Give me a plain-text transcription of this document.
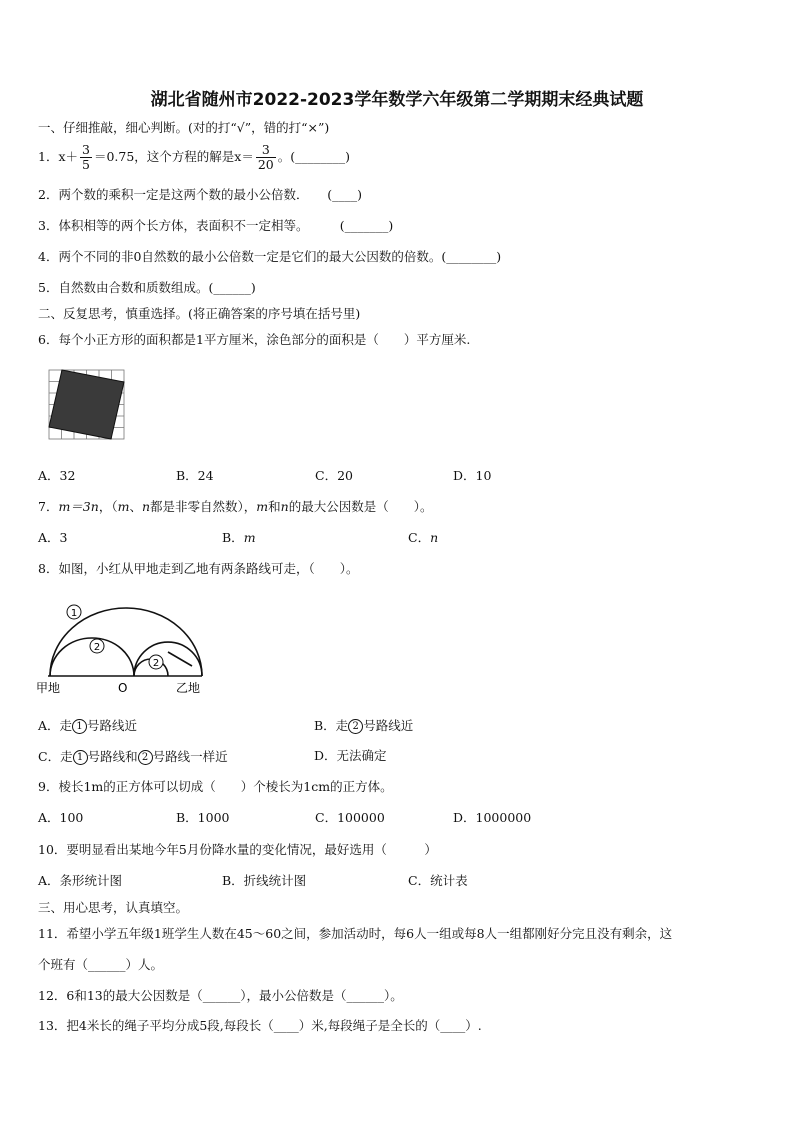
湖北省随州市2022-2023学年数学六年级第二学期期末经典试题
一、仔细推敲，细心判断。(对的打“√”，错的打“×”)
1．$x+ \frac{3}{5} =0.75$，这个方程的解是$x= \frac{3}{20}$ 。(________)
2．两个数的乘积一定是这两个数的最小公倍数．　　(____)
3．体积相等的两个长方体，表面积不一定相等。　　　(_______)
4．两个不同的非0自然数的最小公倍数一定是它们的最大公因数的倍数。(________)
5．自然数由合数和质数组成。(______)
二、反复思考，慎重选择。(将正确答案的序号填在括号里)
6．每个小正方形的面积都是1平方厘米，涂色部分的面积是（　　）平方厘米.
A．32	B．24	C．20	D．10
7．m＝3n，（m、n都是非零自然数），m和n的最大公因数是（　　）。
A．3	B．m	C．n
8．如图，小红从甲地走到乙地有两条路线可走，（　　）。
1
2
2
甲地	O	乙地
A．走 1 号路线近	B．走 2 号路线近
C．走 1 号路线和 2 号路线一样近	D．无法确定
9．棱长1m的正方体可以切成（　　）个棱长为1cm的正方体。
A．100	B．1000	C．100000	D．1000000
10．要明显看出某地今年5月份降水量的变化情况，最好选用（　　　）
A．条形统计图	B．折线统计图	C．统计表
三、用心思考，认真填空。
11．希望小学五年级1班学生人数在45～60之间，参加活动时，每6人一组或每8人一组都刚好分完且没有剩余，这
个班有（______）人。
12．6和13的最大公因数是（______），最小公倍数是（______）。
13．把4米长的绳子平均分成5段,每段长（____）米,每段绳子是全长的（____）.
